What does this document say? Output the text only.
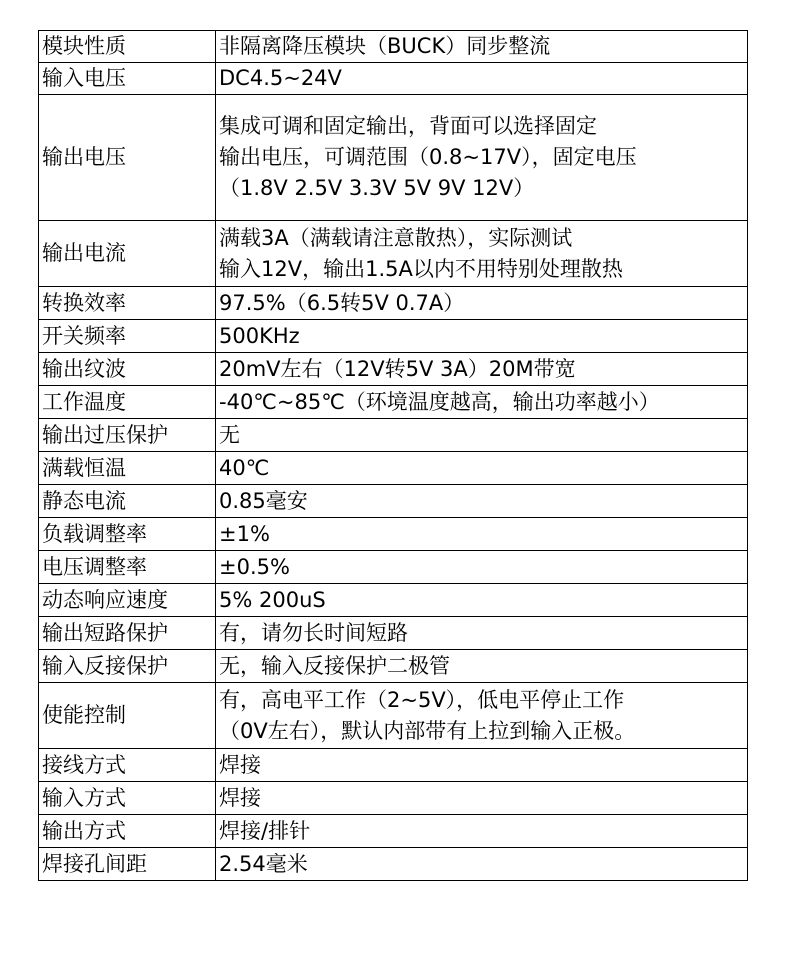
模块性质	非隔离降压模块（BUCK）同步整流

输入电压	DC4.5~24V

输出电压	集成可调和固定输出，背面可以选择固定
输出电压，可调范围（0.8~17V），固定电压
（1.8V 2.5V 3.3V 5V 9V 12V）

输出电流	满载3A（满载请注意散热），实际测试
输入12V，输出1.5A以内不用特别处理散热

转换效率	97.5%（6.5转5V 0.7A）

开关频率	500KHz

输出纹波	20mV左右（12V转5V 3A）20M带宽

工作温度	-40℃~85℃（环境温度越高，输出功率越小）

输出过压保护	无

满载恒温	40℃

静态电流	0.85毫安

负载调整率	±1%

电压调整率	±0.5%

动态响应速度	5% 200uS

输出短路保护	有，请勿长时间短路

输入反接保护	无，输入反接保护二极管

使能控制	有，高电平工作（2~5V），低电平停止工作
（0V左右），默认内部带有上拉到输入正极。

接线方式	焊接

输入方式	焊接

输出方式	焊接/排针

焊接孔间距	2.54毫米
